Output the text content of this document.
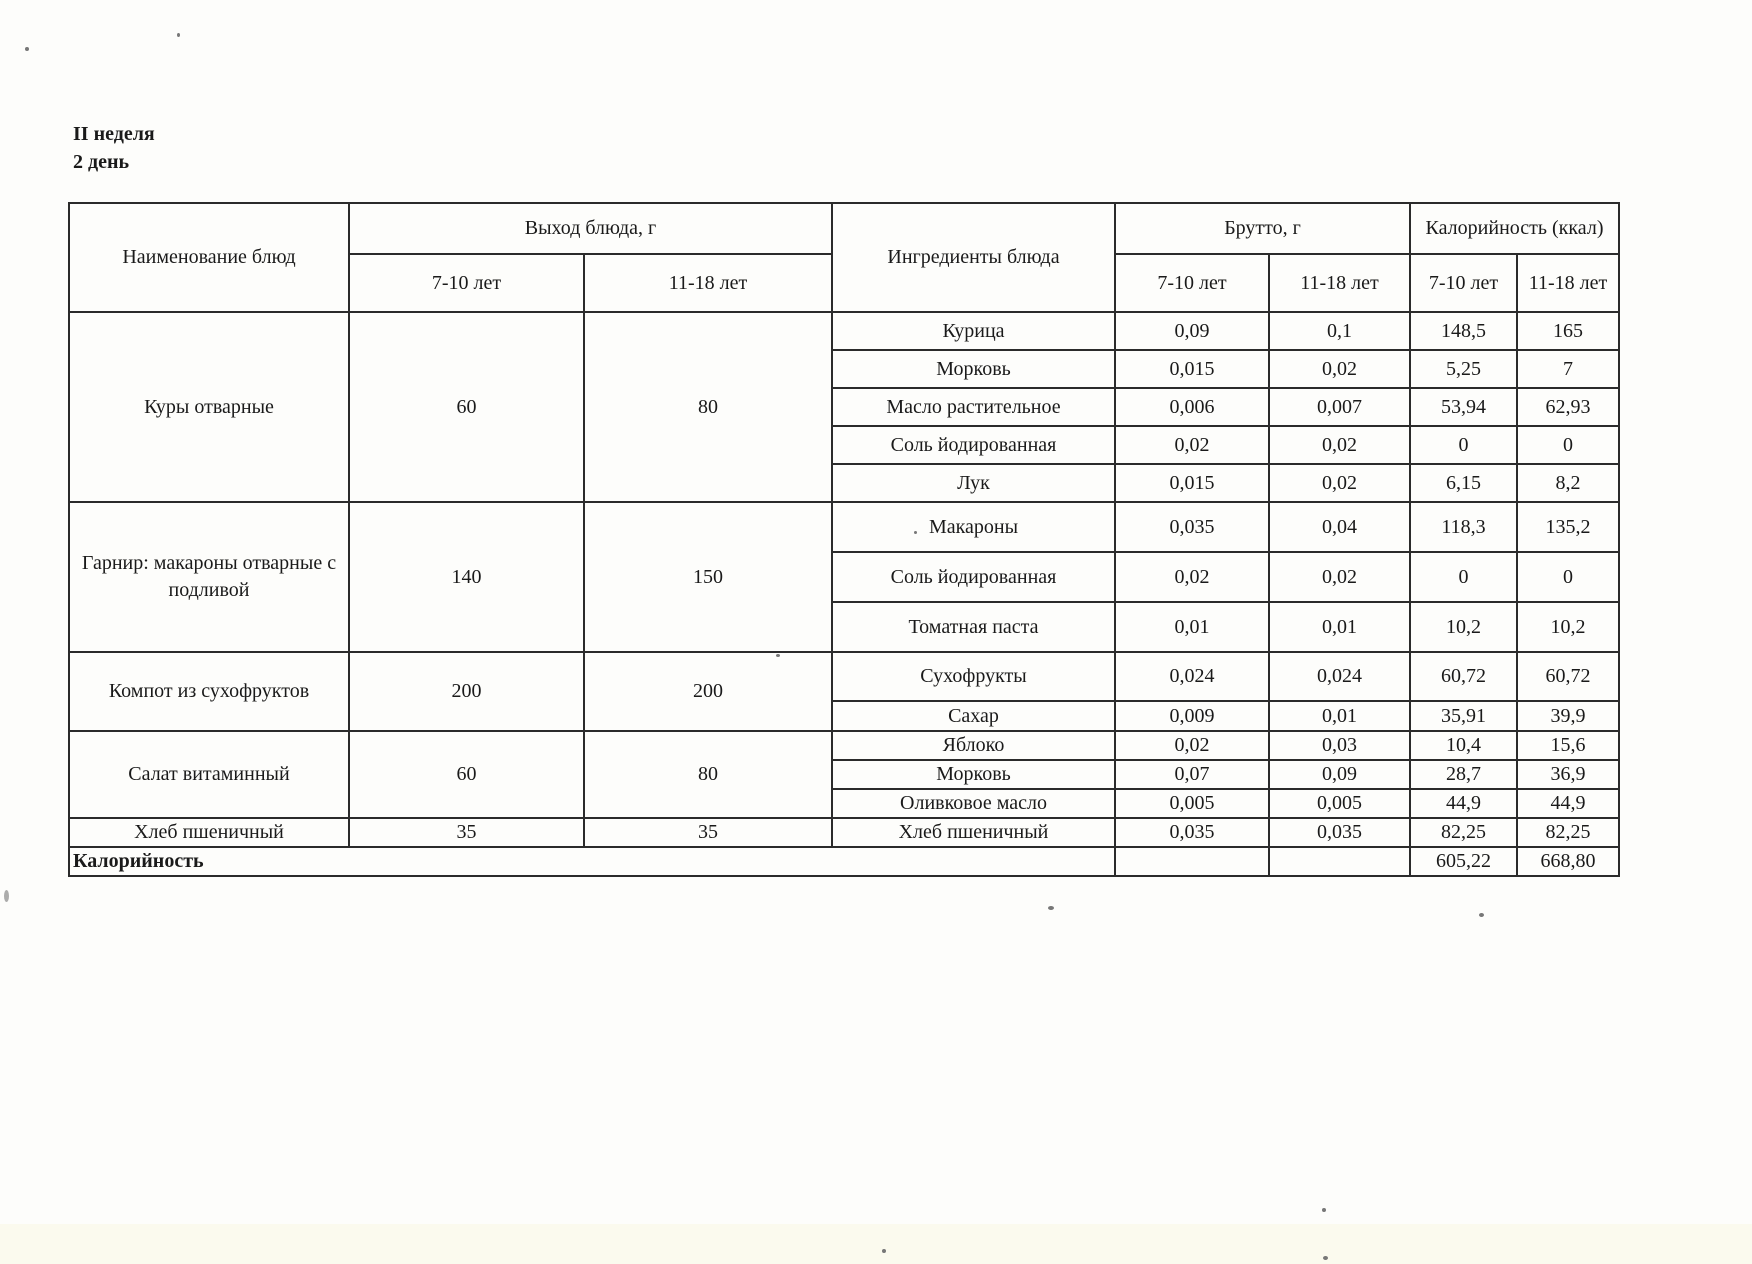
II неделя
2 день
Наименование блюд	Выход блюда, г		Ингредиенты блюда	Брутто, г		Калорийность (ккал)	
	7-10 лет	11-18 лет		7-10 лет	11-18 лет	7-10 лет	11-18 лет
Куры отварные	60	80	Курица	0,09	0,1	148,5	165
			Морковь	0,015	0,02	5,25	7
			Масло растительное	0,006	0,007	53,94	62,93
			Соль йодированная	0,02	0,02	0	0
			Лук	0,015	0,02	6,15	8,2
Гарнир: макароны отварные с подливой	140	150	Макароны	0,035	0,04	118,3	135,2
			Соль йодированная	0,02	0,02	0	0
			Томатная паста	0,01	0,01	10,2	10,2
Компот из сухофруктов	200	200	Сухофрукты	0,024	0,024	60,72	60,72
			Сахар	0,009	0,01	35,91	39,9
Салат витаминный	60	80	Яблоко	0,02	0,03	10,4	15,6
			Морковь	0,07	0,09	28,7	36,9
			Оливковое масло	0,005	0,005	44,9	44,9
Хлеб пшеничный	35	35	Хлеб пшеничный	0,035	0,035	82,25	82,25
Калорийность						605,22	668,80
